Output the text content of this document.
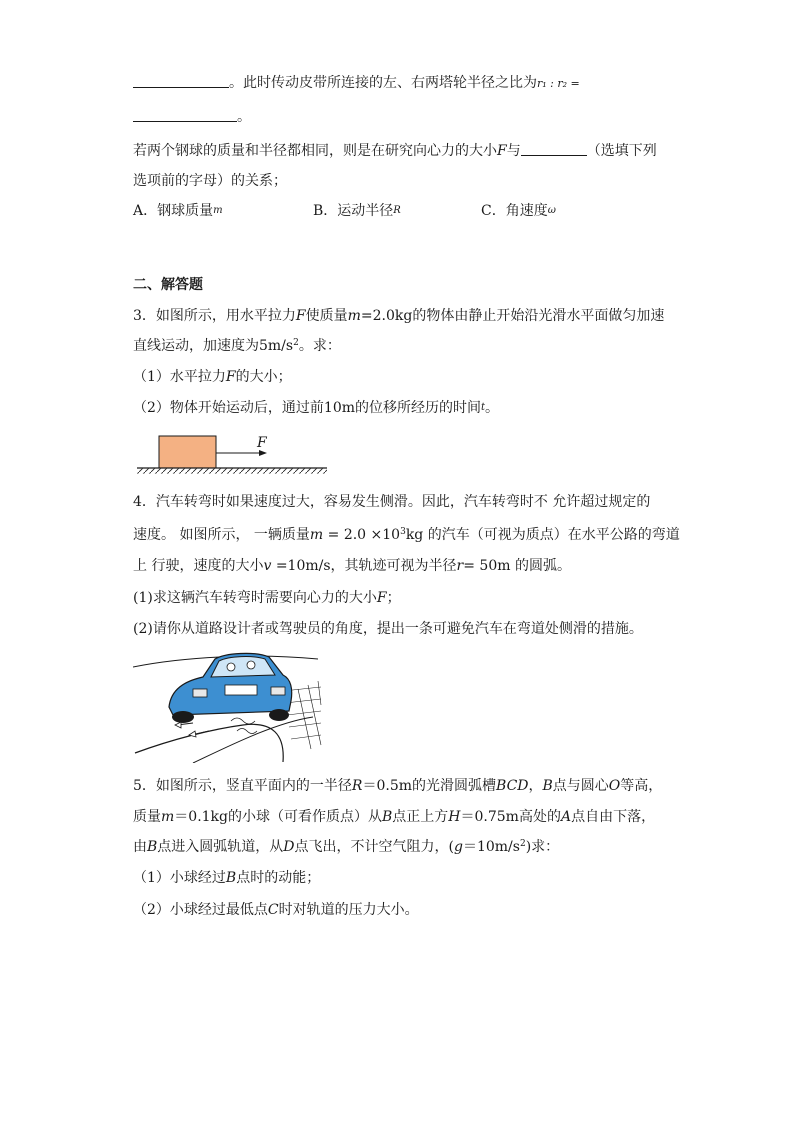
。此时传动皮带所连接的左、右两塔轮半径之比为r₁ : r₂ =
。
若两个钢球的质量和半径都相同，则是在研究向心力的大小F与	（选填下列
选项前的字母）的关系；
A．钢球质量m	B．运动半径R	C．角速度ω
二、解答题
3．如图所示，用水平拉力F使质量m=2.0kg的物体由静止开始沿光滑水平面做匀加速
直线运动，加速度为$5m/s^2$。求：
（1）水平拉力F的大小；
（2）物体开始运动后，通过前10m的位移所经历的时间t。
F
4．汽车转弯时如果速度过大，容易发生侧滑。因此，汽车转弯时不 允许超过规定的
速度。 如图所示， 一辆质量$m = 2.0 \times 10^3kg$ 的汽车（可视为质点）在水平公路的弯道
上 行驶，速度的大小v =10m/s，其轨迹可视为半径r= 50m 的圆弧。
(1)求这辆汽车转弯时需要向心力的大小F；
(2)请你从道路设计者或驾驶员的角度，提出一条可避免汽车在弯道处侧滑的措施。
5．如图所示，竖直平面内的一半径R＝0.5m的光滑圆弧槽BCD，B点与圆心O等高，
质量m＝0.1kg的小球（可看作质点）从B点正上方H＝0.75m高处的A点自由下落，
由B点进入圆弧轨道，从D点飞出，不计空气阻力，$(g=10m/s^2)$求：
（1）小球经过B点时的动能；
（2）小球经过最低点C时对轨道的压力大小。
